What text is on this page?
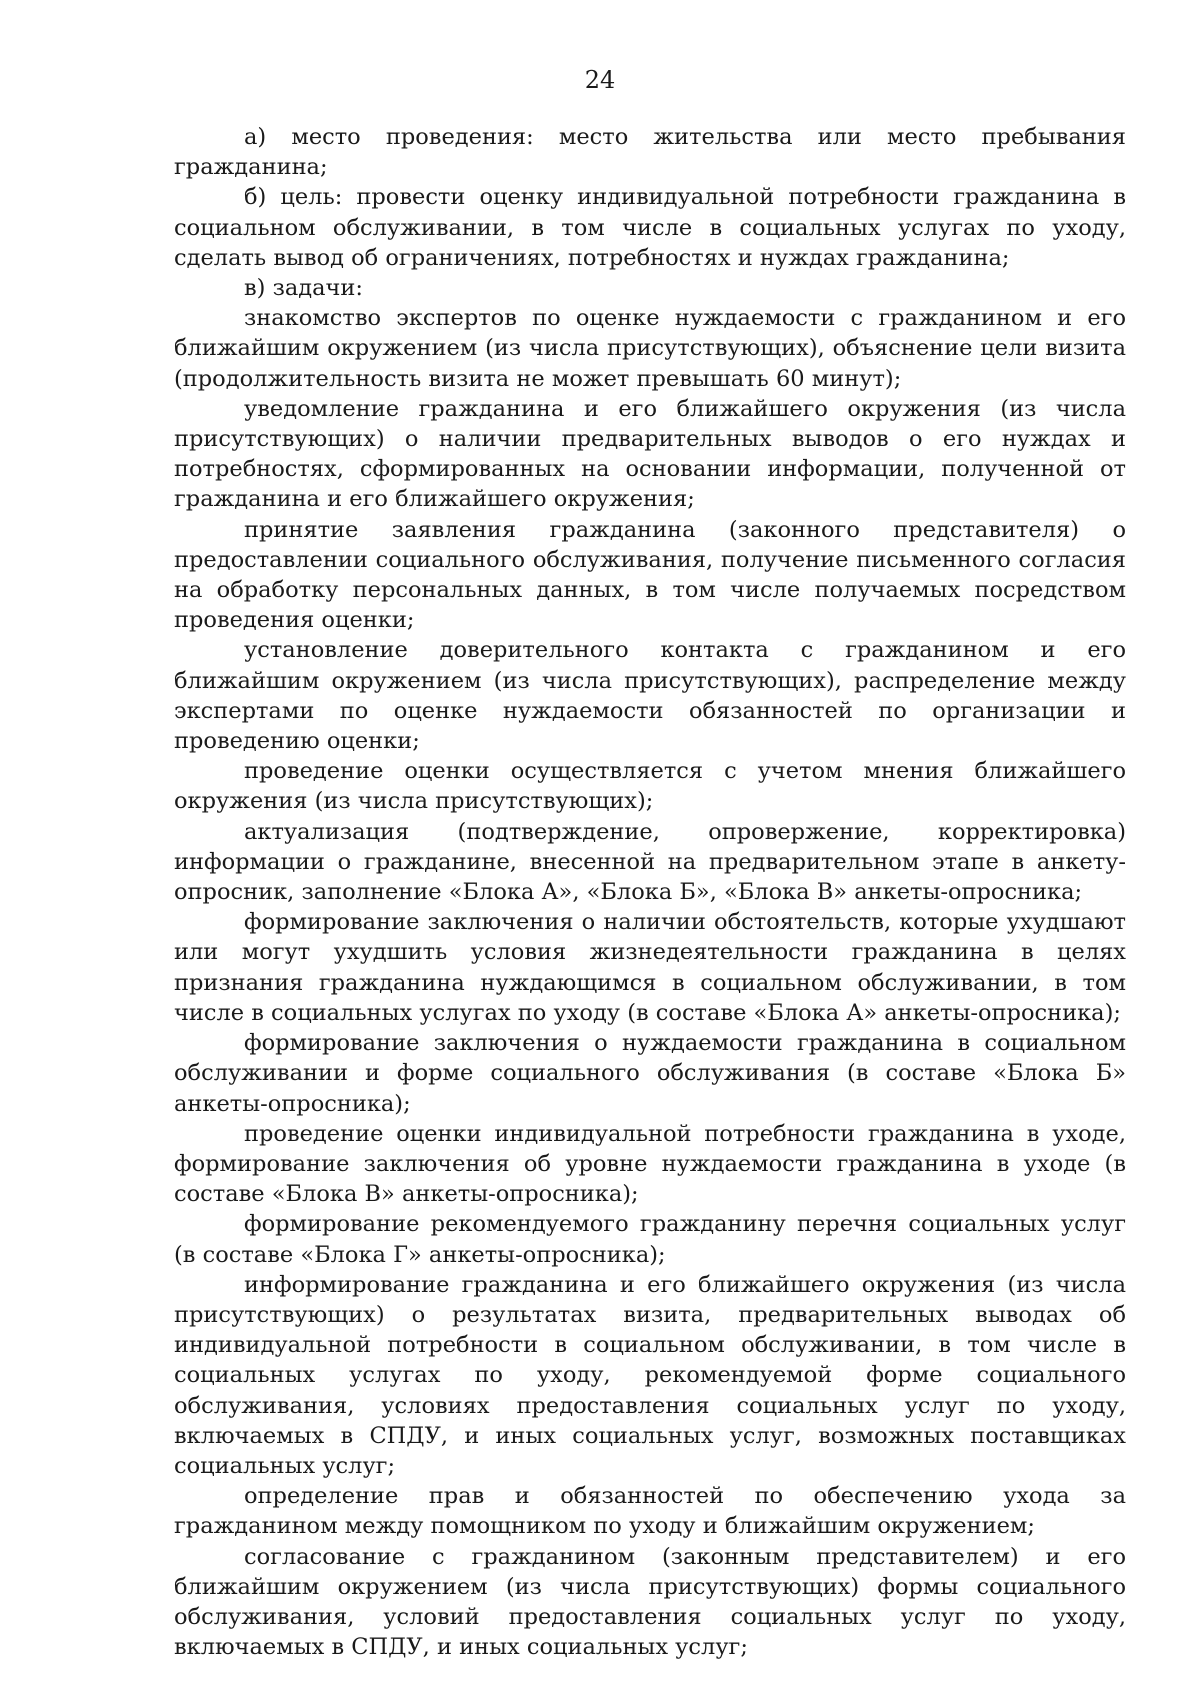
24

а) место проведения: место жительства или место пребывания гражданина;

б) цель: провести оценку индивидуальной потребности гражданина в социальном обслуживании, в том числе в социальных услугах по уходу, сделать вывод об ограничениях, потребностях и нуждах гражданина;

в) задачи:

знакомство экспертов по оценке нуждаемости с гражданином и его ближайшим окружением (из числа присутствующих), объяснение цели визита (продолжительность визита не может превышать 60 минут);

уведомление гражданина и его ближайшего окружения (из числа присутствующих) о наличии предварительных выводов о его нуждах и потребностях, сформированных на основании информации, полученной от гражданина и его ближайшего окружения;

принятие заявления гражданина (законного представителя) о предоставлении социального обслуживания, получение письменного согласия на обработку персональных данных, в том числе получаемых посредством проведения оценки;

установление доверительного контакта с гражданином и его ближайшим окружением (из числа присутствующих), распределение между экспертами по оценке нуждаемости обязанностей по организации и проведению оценки;

проведение оценки осуществляется с учетом мнения ближайшего окружения (из числа присутствующих);

актуализация (подтверждение, опровержение, корректировка) информации о гражданине, внесенной на предварительном этапе в анкету-опросник, заполнение «Блока А», «Блока Б», «Блока В» анкеты-опросника;

формирование заключения о наличии обстоятельств, которые ухудшают или могут ухудшить условия жизнедеятельности гражданина в целях признания гражданина нуждающимся в социальном обслуживании, в том числе в социальных услугах по уходу (в составе «Блока А» анкеты-опросника);

формирование заключения о нуждаемости гражданина в социальном обслуживании и форме социального обслуживания (в составе «Блока Б» анкеты-опросника);

проведение оценки индивидуальной потребности гражданина в уходе, формирование заключения об уровне нуждаемости гражданина в уходе (в составе «Блока В» анкеты-опросника);

формирование рекомендуемого гражданину перечня социальных услуг (в составе «Блока Г» анкеты-опросника);

информирование гражданина и его ближайшего окружения (из числа присутствующих) о результатах визита, предварительных выводах об индивидуальной потребности в социальном обслуживании, в том числе в социальных услугах по уходу, рекомендуемой форме социального обслуживания, условиях предоставления социальных услуг по уходу, включаемых в СПДУ, и иных социальных услуг, возможных поставщиках социальных услуг;

определение прав и обязанностей по обеспечению ухода за гражданином между помощником по уходу и ближайшим окружением;

согласование с гражданином (законным представителем) и его ближайшим окружением (из числа присутствующих) формы социального обслуживания, условий предоставления социальных услуг по уходу, включаемых в СПДУ, и иных социальных услуг;
